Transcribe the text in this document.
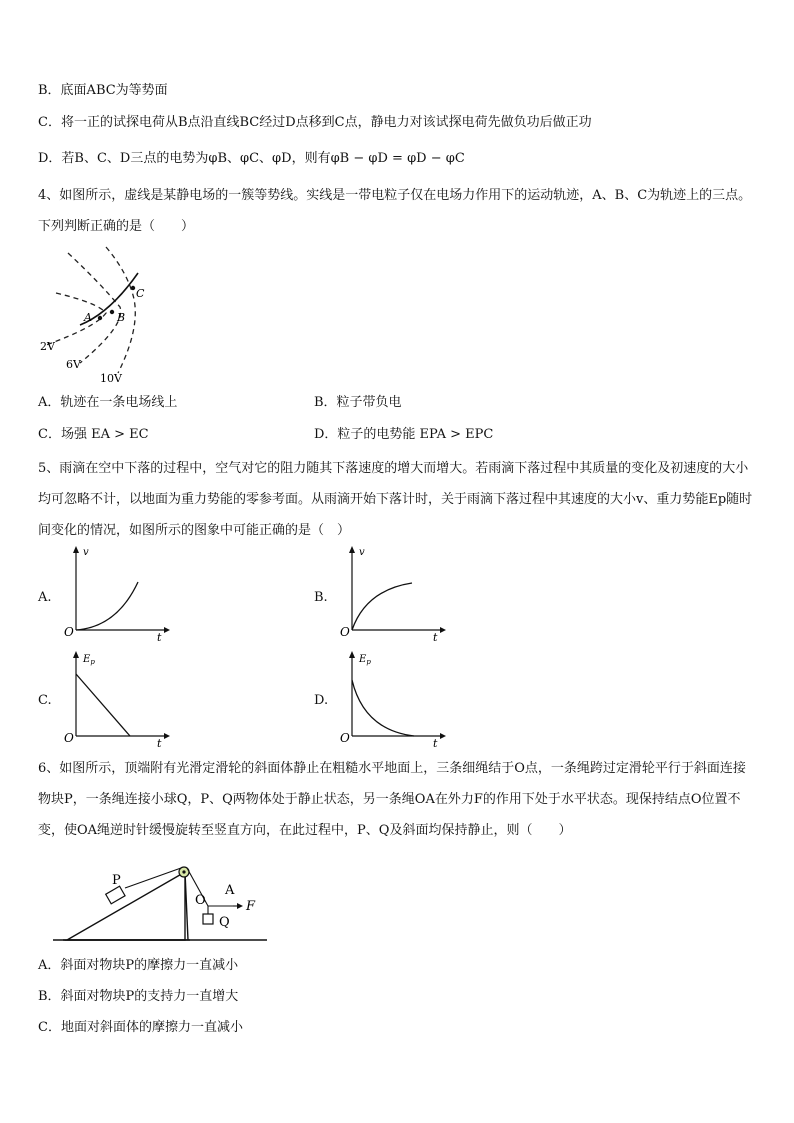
B．底面ABC为等势面
C．将一正的试探电荷从B点沿直线BC经过D点移到C点，静电力对该试探电荷先做负功后做正功
D．若B、C、D三点的电势为φB、φC、φD，则有φB − φD = φD − φC
4、如图所示，虚线是某静电场的一簇等势线。实线是一带电粒子仅在电场力作用下的运动轨迹，A、B、C为轨迹上的三点。下列判断正确的是（　　）
A B
C
2V
6V
10V
A．轨迹在一条电场线上	B．粒子带负电
C．场强 EA > EC	D．粒子的电势能 EPA > EPC
5、雨滴在空中下落的过程中，空气对它的阻力随其下落速度的增大而增大。若雨滴下落过程中其质量的变化及初速度的大小均可忽略不计，以地面为重力势能的零参考面。从雨滴开始下落计时，关于雨滴下落过程中其速度的大小v、重力势能Ep随时间变化的情况，如图所示的图象中可能正确的是（　）
A.	B.
C.	D.
v
t
O
v
t
O
$E_p$
t
O
$E_p$
t
O
6、如图所示，顶端附有光滑定滑轮的斜面体静止在粗糙水平地面上，三条细绳结于O点，一条绳跨过定滑轮平行于斜面连接物块P，一条绳连接小球Q，P、Q两物体处于静止状态，另一条绳OA在外力F的作用下处于水平状态。现保持结点O位置不变，使OA绳逆时针缓慢旋转至竖直方向，在此过程中，P、Q及斜面均保持静止，则（　　）
P
O
A
F
Q
A．斜面对物块P的摩擦力一直减小
B．斜面对物块P的支持力一直增大
C．地面对斜面体的摩擦力一直减小
